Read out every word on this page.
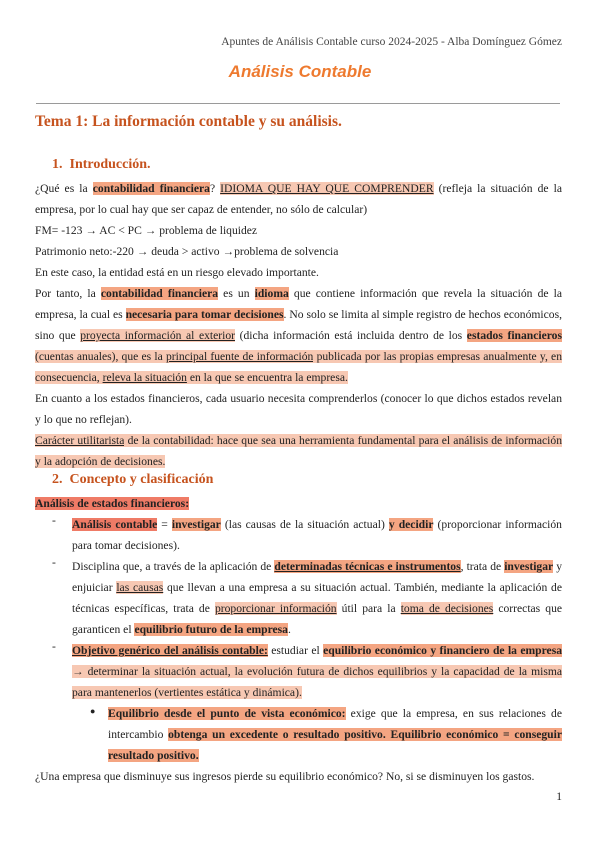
Apuntes de Análisis Contable curso 2024-2025 - Alba Domínguez Gómez
Análisis Contable
Tema 1: La información contable y su análisis.
1. Introducción.
¿Qué es la contabilidad financiera? IDIOMA QUE HAY QUE COMPRENDER (refleja la situación de la empresa, por lo cual hay que ser capaz de entender, no sólo de calcular)
FM= -123 → AC < PC → problema de liquidez
Patrimonio neto:-220 → deuda > activo →problema de solvencia
En este caso, la entidad está en un riesgo elevado importante.
Por tanto, la contabilidad financiera es un idioma que contiene información que revela la situación de la empresa, la cual es necesaria para tomar decisiones. No solo se limita al simple registro de hechos económicos, sino que proyecta información al exterior (dicha información está incluida dentro de los estados financieros (cuentas anuales), que es la principal fuente de información publicada por las propias empresas anualmente y, en consecuencia, releva la situación en la que se encuentra la empresa.
En cuanto a los estados financieros, cada usuario necesita comprenderlos (conocer lo que dichos estados revelan y lo que no reflejan).
Carácter utilitarista de la contabilidad: hace que sea una herramienta fundamental para el análisis de información y la adopción de decisiones.
2. Concepto y clasificación
Análisis de estados financieros:
- Análisis contable = investigar (las causas de la situación actual) y decidir (proporcionar información para tomar decisiones).
- Disciplina que, a través de la aplicación de determinadas técnicas e instrumentos, trata de investigar y enjuiciar las causas que llevan a una empresa a su situación actual. También, mediante la aplicación de técnicas específicas, trata de proporcionar información útil para la toma de decisiones correctas que garanticen el equilibrio futuro de la empresa.
- Objetivo genérico del análisis contable: estudiar el equilibrio económico y financiero de la empresa → determinar la situación actual, la evolución futura de dichos equilibrios y la capacidad de la misma para mantenerlos (vertientes estática y dinámica).
● Equilibrio desde el punto de vista económico: exige que la empresa, en sus relaciones de intercambio obtenga un excedente o resultado positivo. Equilibrio económico = conseguir resultado positivo.
¿Una empresa que disminuye sus ingresos pierde su equilibrio económico? No, si se disminuyen los gastos.
1
